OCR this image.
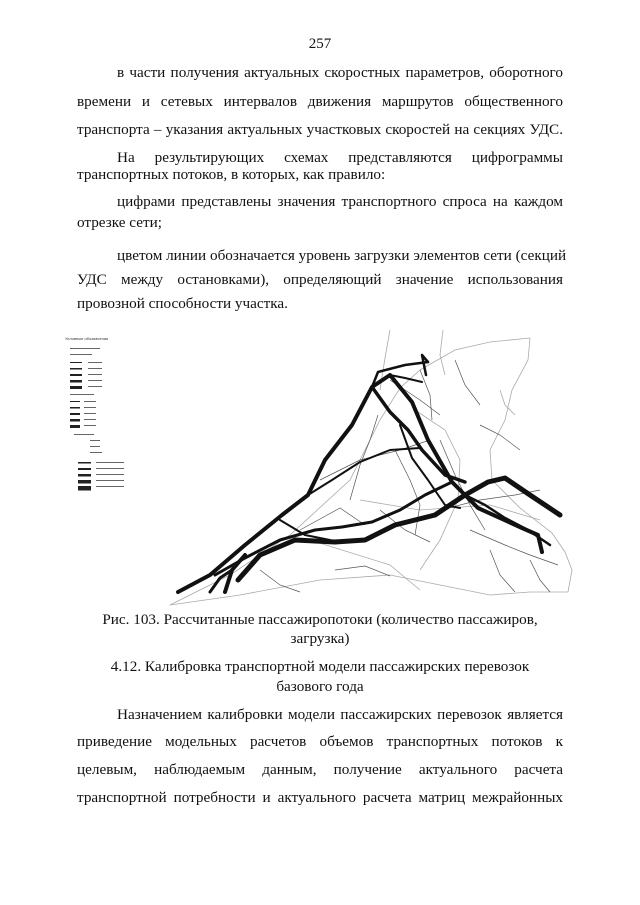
257
в части получения актуальных скоростных параметров, оборотного
времени и сетевых интервалов движения маршрутов общественного
транспорта – указания актуальных участковых скоростей на секциях УДС.
На результирующих схемах представляются цифрограммы
транспортных потоков, в которых, как правило:
цифрами представлены значения транспортного спроса на каждом
отрезке сети;
цветом линии обозначается уровень загрузки элементов сети (секций
УДС между остановками), определяющий значение использования
провозной способности участка.
Условные обозначения
Рис. 103. Рассчитанные пассажиропотоки (количество пассажиров,
загрузка)
4.12. Калибровка транспортной модели пассажирских перевозок
базового года
Назначением калибровки модели пассажирских перевозок является
приведение модельных расчетов объемов транспортных потоков к
целевым, наблюдаемым данным, получение актуального расчета
транспортной потребности и актуального расчета матриц межрайонных
